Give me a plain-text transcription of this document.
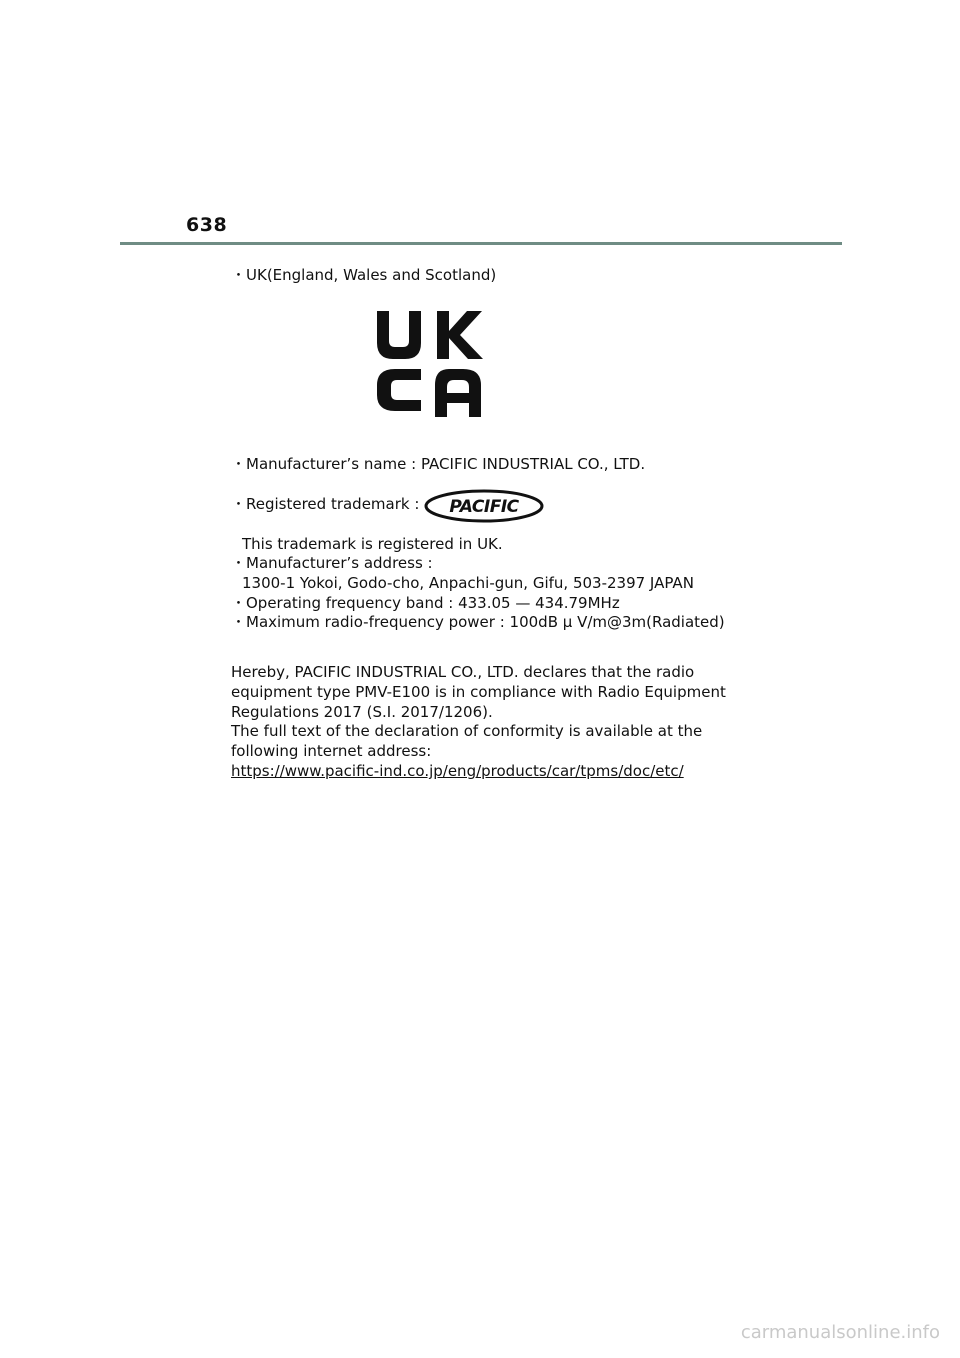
638
・UK(England, Wales and Scotland)
・Manufacturer’s name : PACIFIC INDUSTRIAL CO., LTD.
・Registered trademark : PACIFIC
This trademark is registered in UK.
・Manufacturer’s address :
1300-1 Yokoi, Godo-cho, Anpachi-gun, Gifu, 503-2397 JAPAN
・Operating frequency band : 433.05 — 434.79MHz
・Maximum radio-frequency power : 100dB μ V/m@3m(Radiated)
Hereby, PACIFIC INDUSTRIAL CO., LTD. declares that the radio
equipment type PMV-E100 is in compliance with Radio Equipment
Regulations 2017 (S.I. 2017/1206).
The full text of the declaration of conformity is available at the
following internet address:
https://www.pacific-ind.co.jp/eng/products/car/tpms/doc/etc/
carmanualsonline.info
